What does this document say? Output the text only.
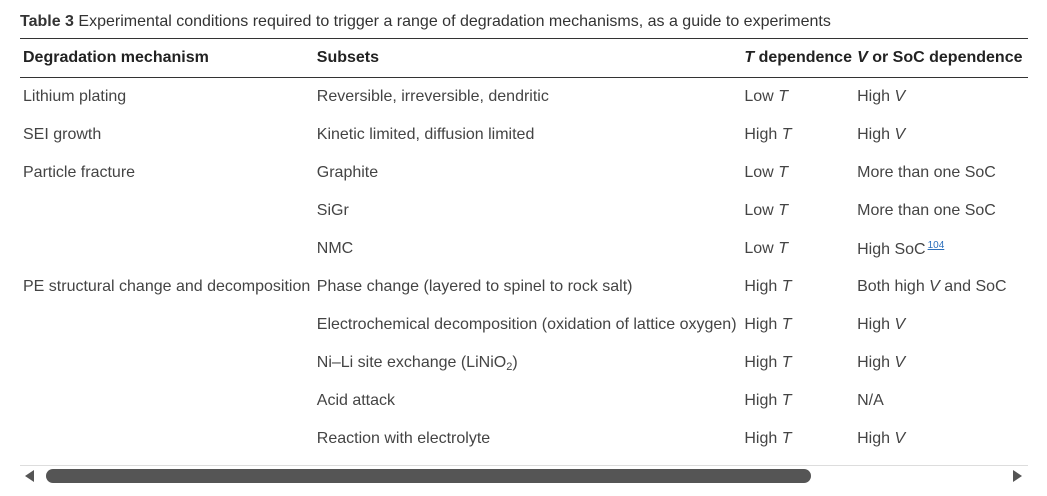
Table 3 Experimental conditions required to trigger a range of degradation mechanisms, as a guide to experiments
Degradation mechanism	Subsets	T dependence	V or SoC dependence
Lithium plating	Reversible, irreversible, dendritic	Low T	High V
SEI growth	Kinetic limited, diffusion limited	High T	High V
Particle fracture	Graphite	Low T	More than one SoC
	SiGr	Low T	More than one SoC
	NMC	Low T	High SoC $^{104}$
PE structural change and decomposition	Phase change (layered to spinel to rock salt)	High T	Both high V and SoC
	Electrochemical decomposition (oxidation of lattice oxygen)	High T	High V
	Ni–Li site exchange (LiNiO$_2$)	High T	High V
	Acid attack	High T	N/A
	Reaction with electrolyte	High T	High V
